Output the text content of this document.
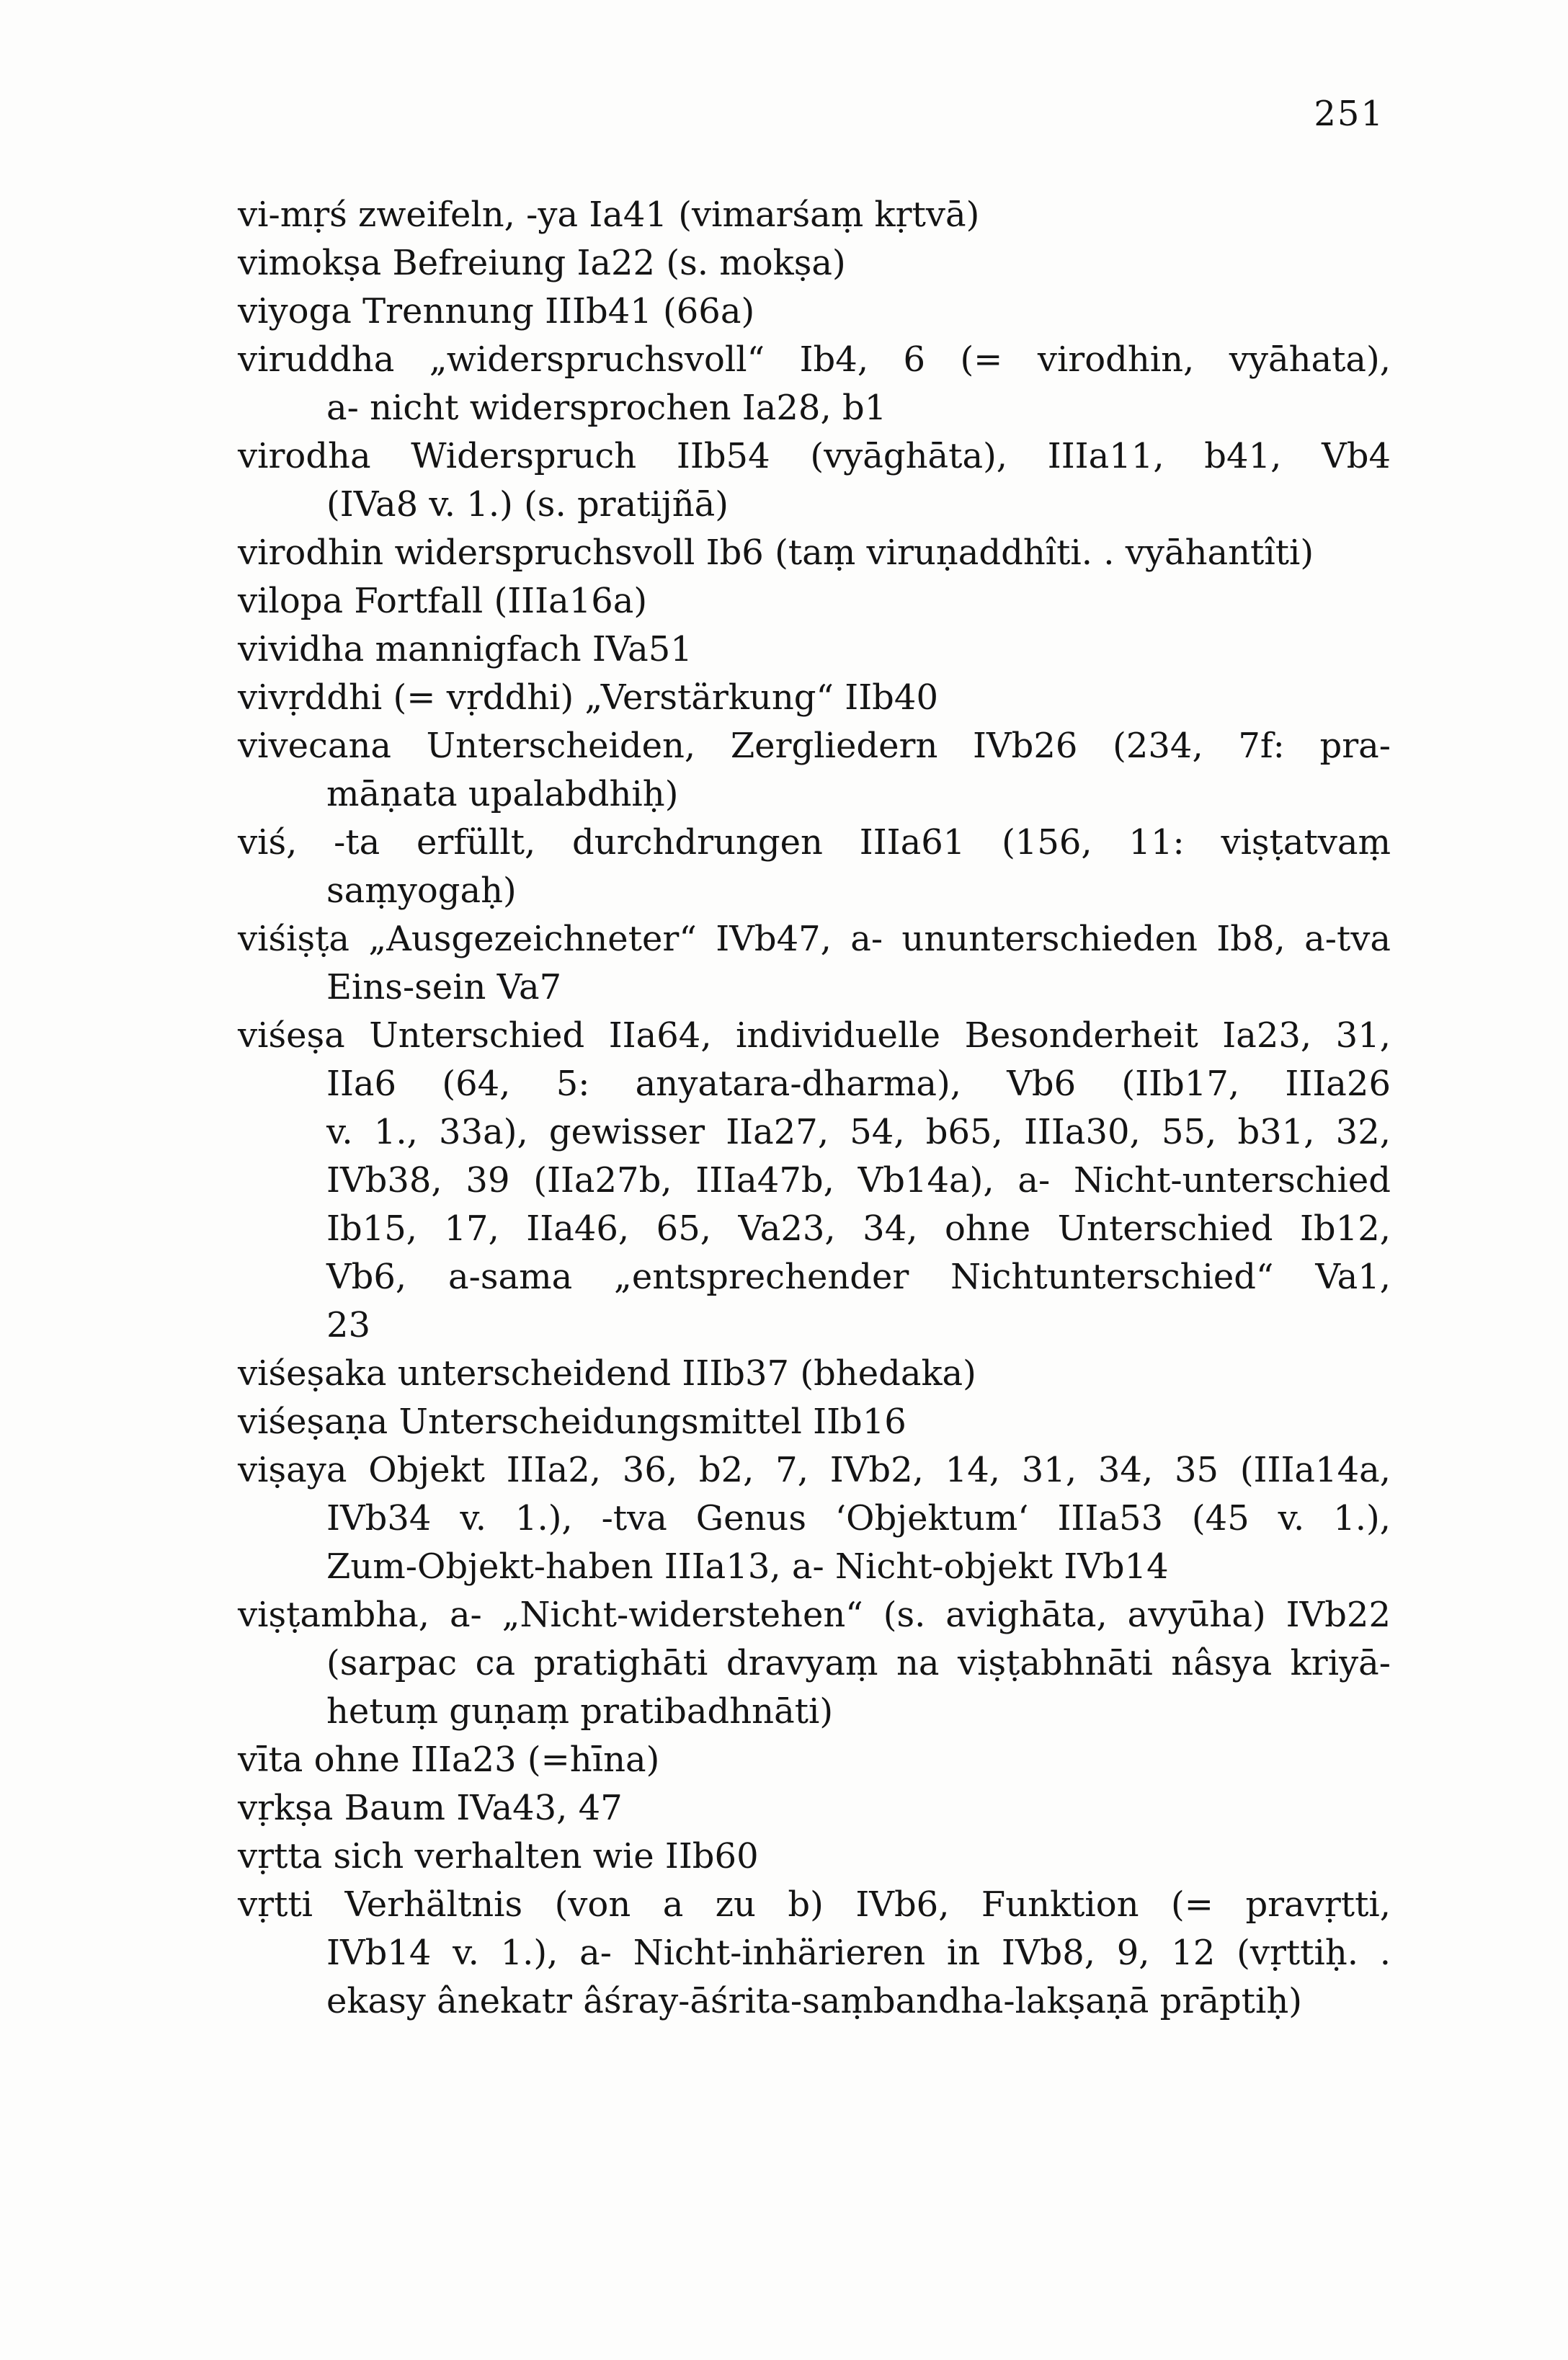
251
vi-mṛś zweifeln, -ya Ia41 (vimarśaṃ kṛtvā)
vimokṣa Befreiung Ia22 (s. mokṣa)
viyoga Trennung IIIb41 (66a)
viruddha „widerspruchsvoll“ Ib4, 6 (= virodhin, vyāhata),
a- nicht widersprochen Ia28, b1
virodha Widerspruch IIb54 (vyāghāta), IIIa11, b41, Vb4
(IVa8 v. 1.) (s. pratijñā)
virodhin widerspruchsvoll Ib6 (taṃ viruṇaddhîti. . vyāhantîti)
vilopa Fortfall (IIIa16a)
vividha mannigfach IVa51
vivṛddhi (= vṛddhi) „Verstärkung“ IIb40
vivecana Unterscheiden, Zergliedern IVb26 (234, 7f: pra-
māṇata upalabdhiḥ)
viś, -ta erfüllt, durchdrungen IIIa61 (156, 11: viṣṭatvaṃ
saṃyogaḥ)
viśiṣṭa „Ausgezeichneter“ IVb47, a- ununterschieden Ib8, a-tva
Eins-sein Va7
viśeṣa Unterschied IIa64, individuelle Besonderheit Ia23, 31,
IIa6 (64, 5: anyatara-dharma), Vb6 (IIb17, IIIa26
v. 1., 33a), gewisser IIa27, 54, b65, IIIa30, 55, b31, 32,
IVb38, 39 (IIa27b, IIIa47b, Vb14a), a- Nicht-unterschied
Ib15, 17, IIa46, 65, Va23, 34, ohne Unterschied Ib12,
Vb6, a-sama „entsprechender Nichtunterschied“ Va1,
23
viśeṣaka unterscheidend IIIb37 (bhedaka)
viśeṣaṇa Unterscheidungsmittel IIb16
viṣaya Objekt IIIa2, 36, b2, 7, IVb2, 14, 31, 34, 35 (IIIa14a,
IVb34 v. 1.), -tva Genus ‘Objektum‘ IIIa53 (45 v. 1.),
Zum-Objekt-haben IIIa13, a- Nicht-objekt IVb14
viṣṭambha, a- „Nicht-widerstehen“ (s. avighāta, avyūha) IVb22
(sarpac ca pratighāti dravyaṃ na viṣṭabhnāti nâsya kriyā-
hetuṃ guṇaṃ pratibadhnāti)
vīta ohne IIIa23 (=hīna)
vṛkṣa Baum IVa43, 47
vṛtta sich verhalten wie IIb60
vṛtti Verhältnis (von a zu b) IVb6, Funktion (= pravṛtti,
IVb14 v. 1.), a- Nicht-inhärieren in IVb8, 9, 12 (vṛttiḥ. .
ekasy ânekatr âśray-āśrita-saṃbandha-lakṣaṇā prāptiḥ)
